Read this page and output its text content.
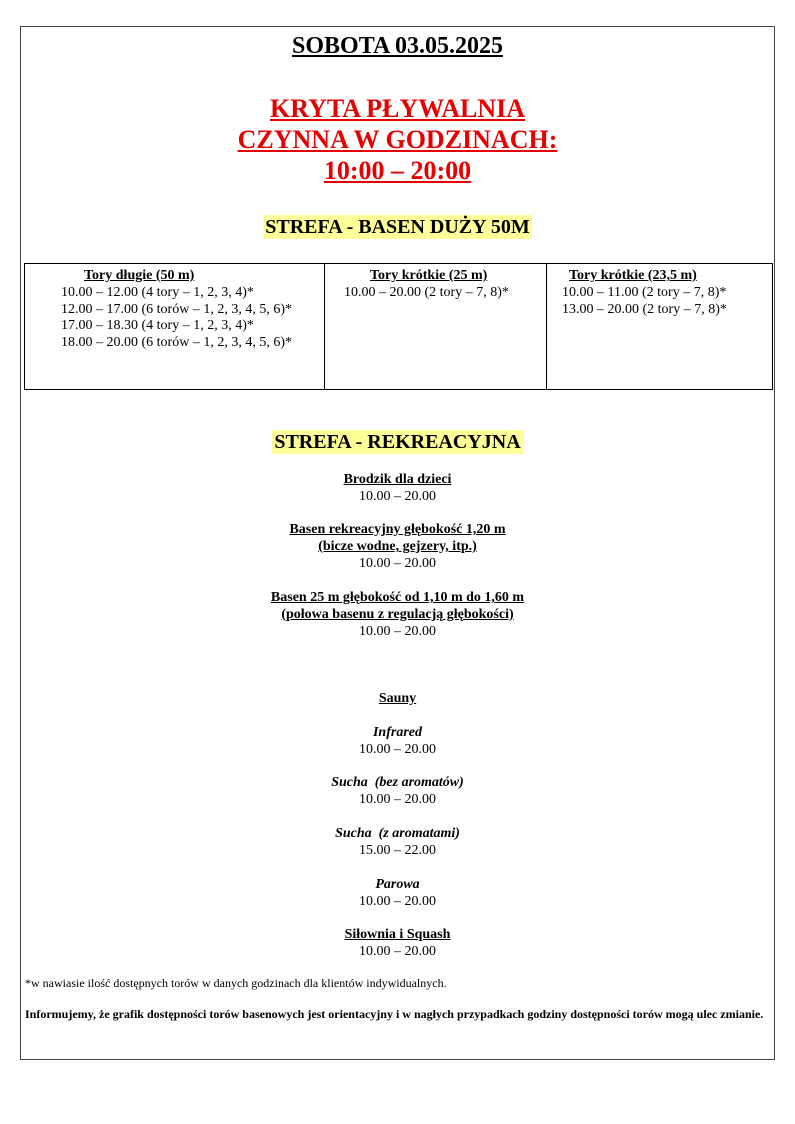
SOBOTA 03.05.2025
KRYTA PŁYWALNIA
CZYNNA W GODZINACH:
10:00 – 20:00
STREFA - BASEN DUŻY 50M
Tory długie (50 m)
10.00 – 12.00 (4 tory – 1, 2, 3, 4)*
12.00 – 17.00 (6 torów – 1, 2, 3, 4, 5, 6)*
17.00 – 18.30 (4 tory – 1, 2, 3, 4)*
18.00 – 20.00 (6 torów – 1, 2, 3, 4, 5, 6)*
Tory krótkie (25 m)
10.00 – 20.00 (2 tory – 7, 8)*
Tory krótkie (23,5 m)
10.00 – 11.00 (2 tory – 7, 8)*
13.00 – 20.00 (2 tory – 7, 8)*
STREFA - REKREACYJNA
Brodzik dla dzieci
10.00 – 20.00
Basen rekreacyjny głębokość 1,20 m
(bicze wodne, gejzery, itp.)
10.00 – 20.00
Basen 25 m głębokość od 1,10 m do 1,60 m
(połowa basenu z regulacją głębokości)
10.00 – 20.00
Sauny
Infrared
10.00 – 20.00
Sucha  (bez aromatów)
10.00 – 20.00
Sucha  (z aromatami)
15.00 – 22.00
Parowa
10.00 – 20.00
Siłownia i Squash
10.00 – 20.00
*w nawiasie ilość dostępnych torów w danych godzinach dla klientów indywidualnych.
Informujemy, że grafik dostępności torów basenowych jest orientacyjny i w nagłych przypadkach godziny dostępności torów mogą ulec zmianie.
